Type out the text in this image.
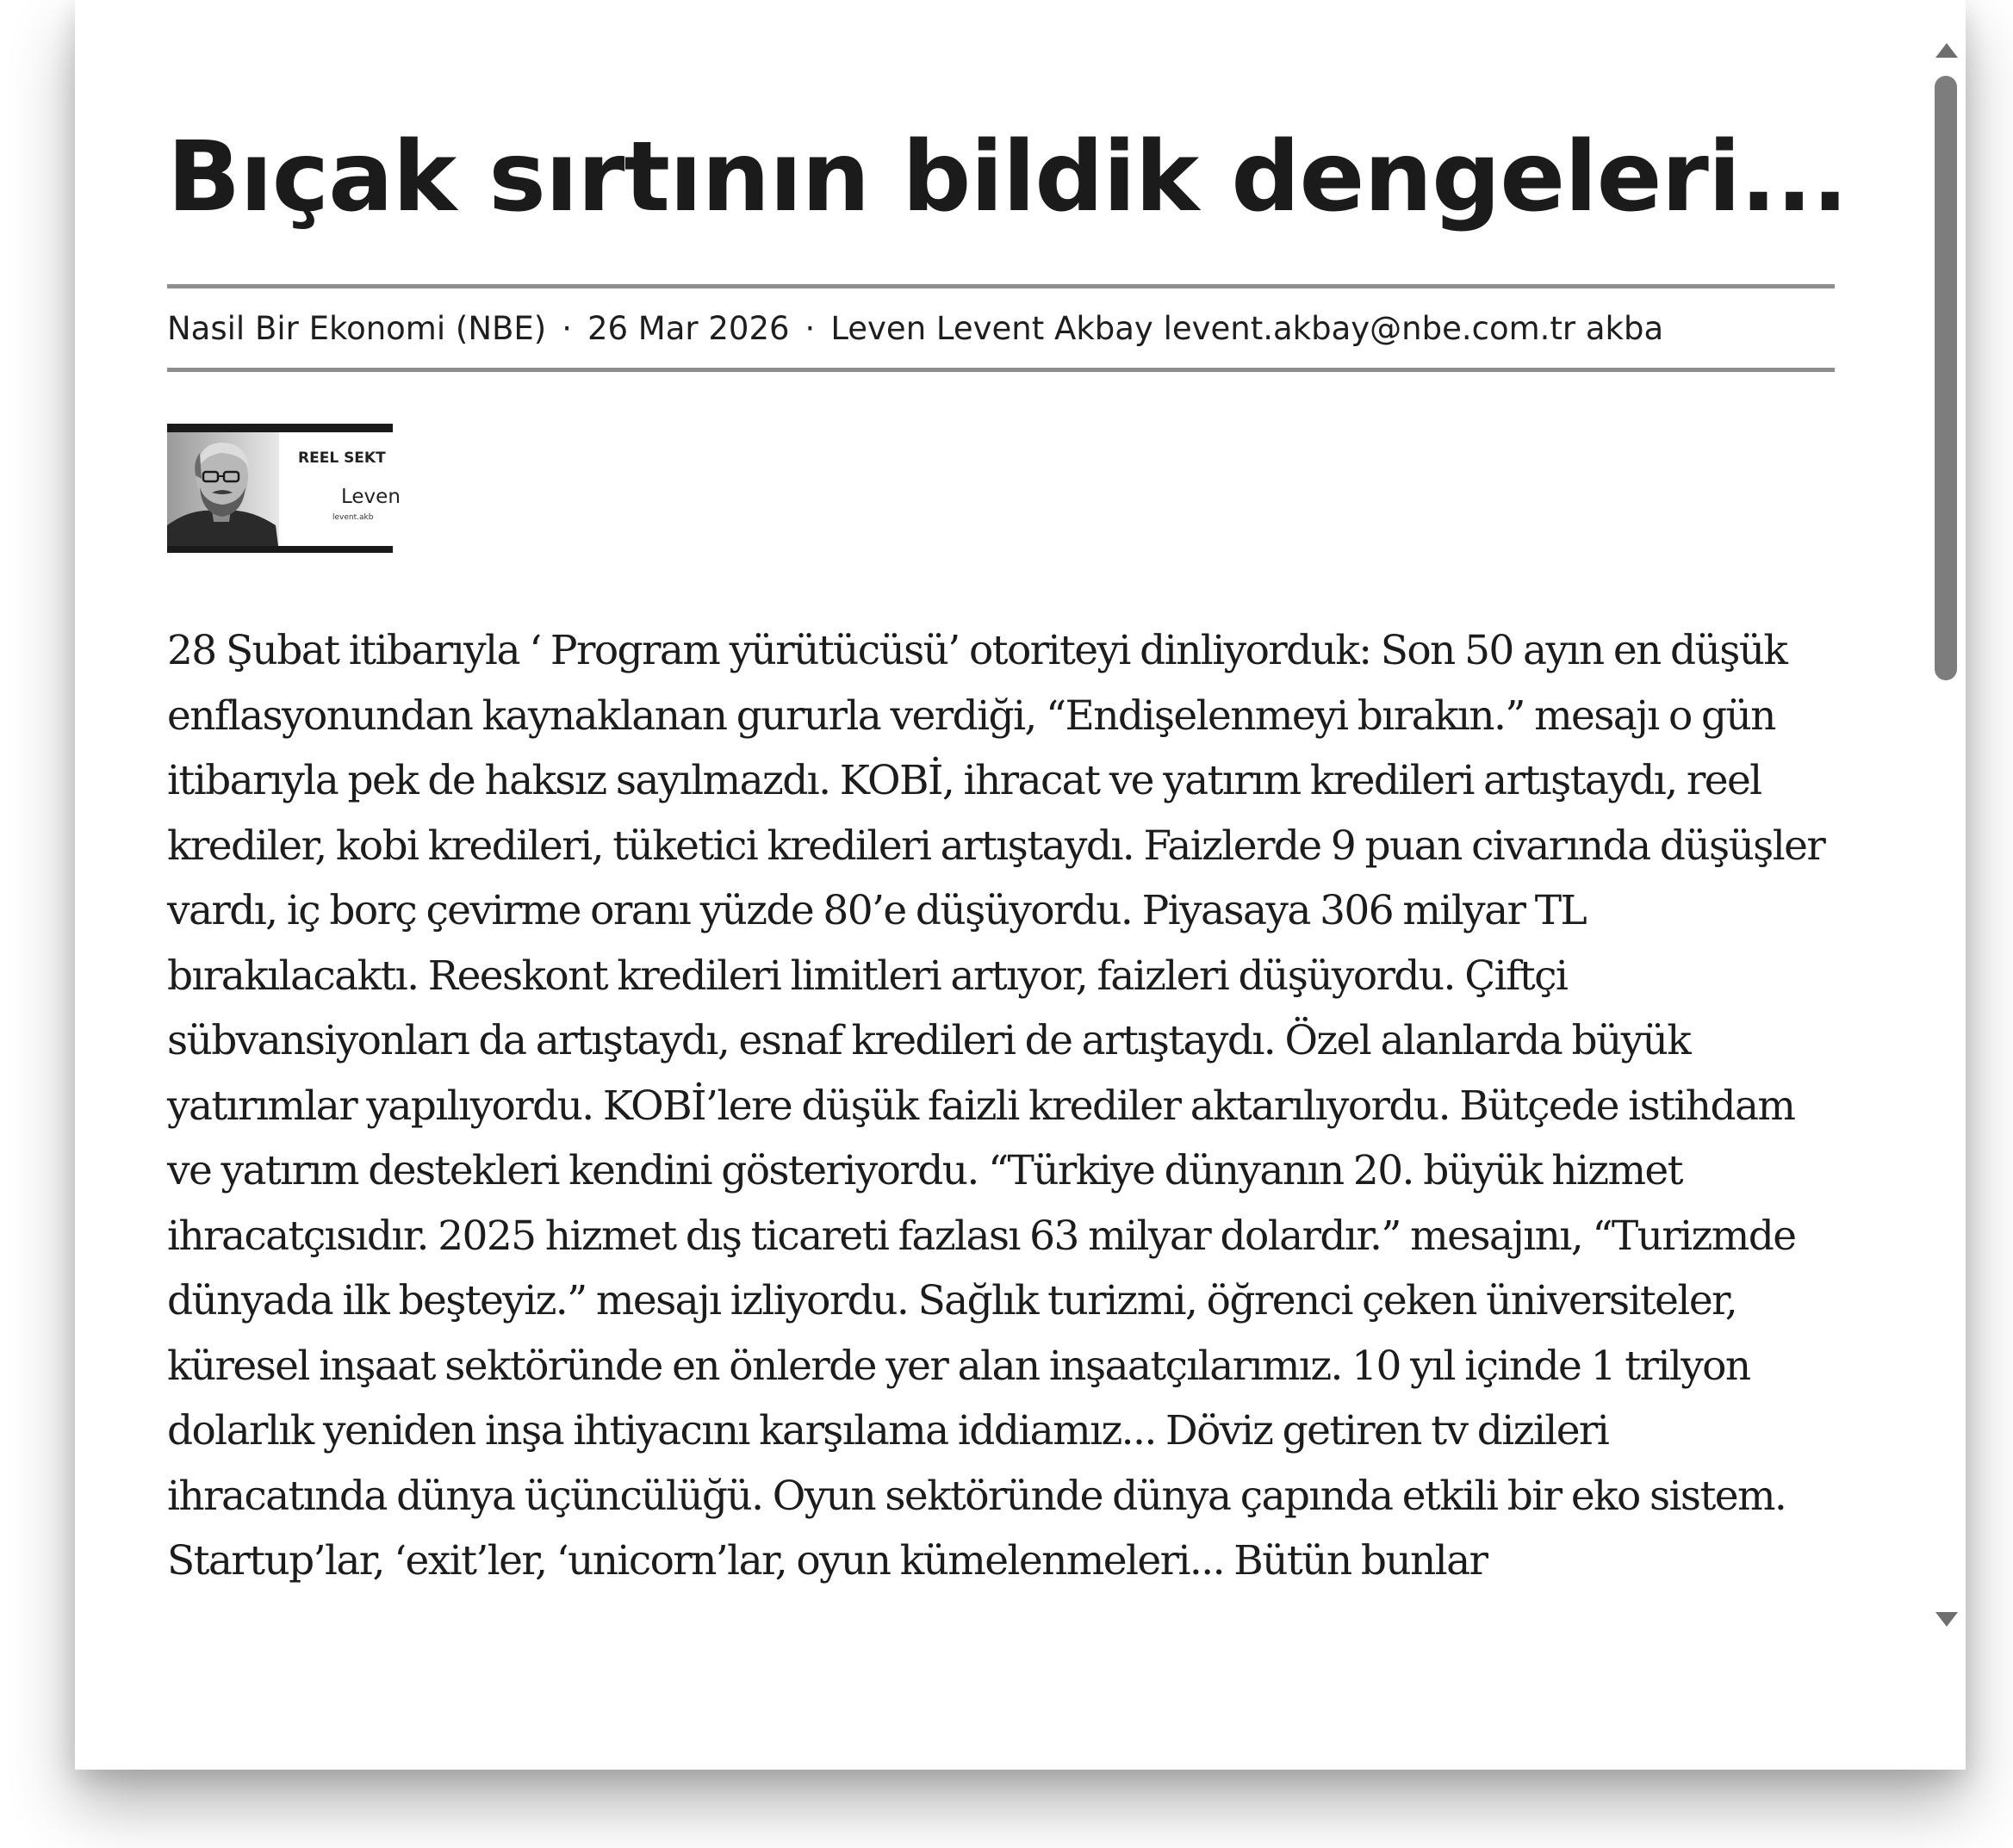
Bıçak sırtının bildik dengeleri...
Nasil Bir Ekonomi (NBE) · 26 Mar 2026 · Leven Levent Akbay levent.akbay@nbe.com.tr akba
REEL SEKT
Leven
levent.akb

28 Şubat itibarıyla ‘ Program yürütücüsü’ otoriteyi dinliyorduk: Son 50 ayın en düşük enflasyonundan kaynaklanan gururla verdiği, “Endişelenmeyi bırakın.” mesajı o gün itibarıyla pek de haksız sayılmazdı. KOBİ, ihracat ve yatırım kredileri artıştaydı, reel krediler, kobi kredileri, tüketici kredileri artıştaydı. Faizlerde 9 puan civarında düşüşler vardı, iç borç çevirme oranı yüzde 80’e düşüyordu. Piyasaya 306 milyar TL bırakılacaktı. Reeskont kredileri limitleri artıyor, faizleri düşüyordu. Çiftçi sübvansiyonları da artıştaydı, esnaf kredileri de artıştaydı. Özel alanlarda büyük yatırımlar yapılıyordu. KOBİ’lere düşük faizli krediler aktarılıyordu. Bütçede istihdam ve yatırım destekleri kendini gösteriyordu. “Türkiye dünyanın 20. büyük hizmet ihracatçısıdır. 2025 hizmet dış ticareti fazlası 63 milyar dolardır.” mesajını, “Turizmde dünyada ilk beşteyiz.” mesajı izliyordu. Sağlık turizmi, öğrenci çeken üniversiteler, küresel inşaat sektöründe en önlerde yer alan inşaatçılarımız. 10 yıl içinde 1 trilyon dolarlık yeniden inşa ihtiyacını karşılama iddiamız... Döviz getiren tv dizileri ihracatında dünya üçüncülüğü. Oyun sektöründe dünya çapında etkili bir eko sistem. Startup’lar, ‘exit’ler, ‘unicorn’lar, oyun kümelenmeleri... Bütün bunlar
